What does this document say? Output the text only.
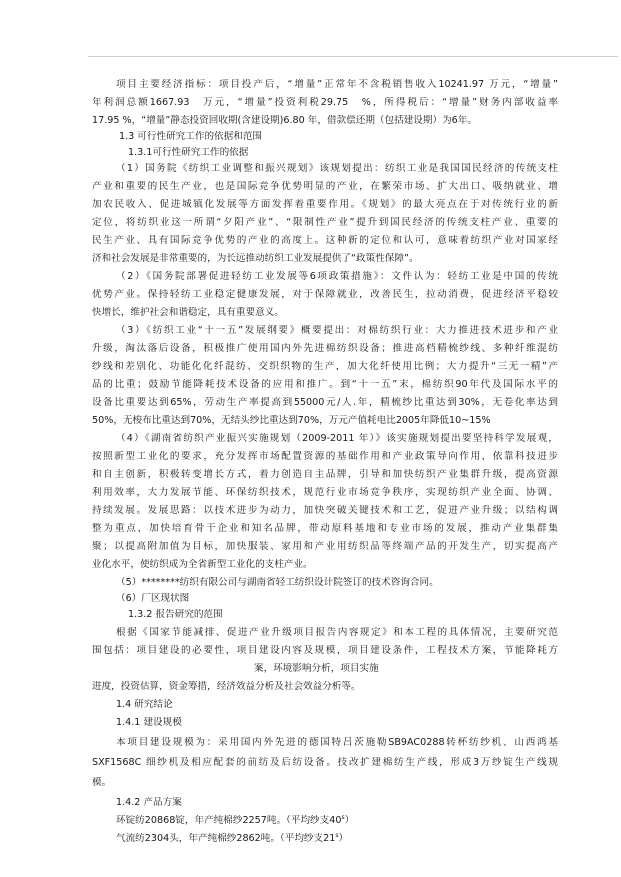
项目主要经济指标：项目投产后，“增量”正常年不含税销售收入10241.97 万元，“增量”
年利润总额1667.93　万元，“增量”投资利税29.75　%，所得税后：“增量”财务内部收益率
17.95 %，“增量”静态投资回收期(含建设期)6.80 年，借款偿还期（包括建设期）为6年。
1.3 可行性研究工作的依据和范围
1.3.1可行性研究工作的依据
（1）国务院《纺织工业调整和振兴规划》该规划提出：纺织工业是我国国民经济的传统支柱
产业和重要的民生产业，也是国际竞争优势明显的产业，在繁荣市场、扩大出口、吸纳就业、增
加农民收入、促进城镇化发展等方面发挥着重要作用。《规划》的最大亮点在于对传统行业的新
定位，将纺织业这一所谓“夕阳产业”、“限制性产业”提升到国民经济的传统支柱产业、重要的
民生产业、具有国际竞争优势的产业的高度上。这种新的定位和认可，意味着纺织产业对国家经
济和社会发展是非常重要的，为长远推动纺织工业发展提供了“政策性保障”。
（2）《国务院部署促进轻纺工业发展等6项政策措施》：文件认为：轻纺工业是中国的传统
优势产业。保持轻纺工业稳定健康发展，对于保障就业，改善民生，拉动消费，促进经济平稳较
快增长，维护社会和谐稳定，具有重要意义。
（3）《纺织工业“十一五”发展纲要》概要提出：对棉纺织行业：大力推进技术进步和产业
升级，淘汰落后设备，积极推广使用国内外先进棉纺织设备；推进高档精梳纱线、多种纤维混纺
纱线和差别化、功能化化纤混纺、交织织物的生产，加大化纤使用比例；大力提升“三无一精”产
品的比重；鼓励节能降耗技术设备的应用和推广。到“十一五”末，棉纺织90年代及国际水平的
设备比重要达到65%，劳动生产率提高到55000元/人.年，精梳纱比重达到30%，无卷化率达到
50%，无梭布比重达到70%，无结头纱比重达到70%，万元产值耗电比2005年降低10~15%
（4）《湖南省纺织产业振兴实施规划（2009-2011 年）》该实施规划提出要坚持科学发展观，
按照新型工业化的要求，充分发挥市场配置资源的基础作用和产业政策导向作用，依靠科技进步
和自主创新，积极转变增长方式，着力创造自主品牌，引导和加快纺织产业集群升级，提高资源
利用效率，大力发展节能、环保纺织技术，规范行业市场竞争秩序，实现纺织产业全面、协调、
持续发展。发展思路：以技术进步为动力，加快突破关键技术和工艺，促进产业升级；以结构调
整为重点，加快培育骨干企业和知名品牌，带动原料基地和专业市场的发展，推动产业集群集
聚；以提高附加值为目标，加快服装、家用和产业用纺织品等终端产品的开发生产，切实提高产
业化水平，使纺织成为全省新型工业化的支柱产业。
（5）********纺织有限公司与湖南省轻工纺织设计院签订的技术咨询合同。
（6）厂区现状图
1.3.2 报告研究的范围
根据《国家节能减排、促进产业升级项目报告内容规定》和本工程的具体情况，主要研究范
围包括：项目建设的必要性，项目建设内容及规模，项目建设条件，工程技术方案，节能降耗方
案，环境影响分析，项目实施
进度，投资估算，资金筹措，经济效益分析及社会效益分析等。
1.4 研究结论
1.4.1 建设规模
本项目建设规模为：采用国内外先进的德国特吕茨施勒SB9AC0288转杯纺纱机、山西鸿基
SXF1568C 细纱机及相应配套的前纺及后纺设备。技改扩建棉纺生产线，形成3万纱锭生产线规
模。
1.4.2 产品方案
环锭纺20868锭，年产纯棉纱2257吨。（平均纱支40$^s$）
气流纺2304头，年产纯棉纱2862吨。（平均纱支21$^s$）
